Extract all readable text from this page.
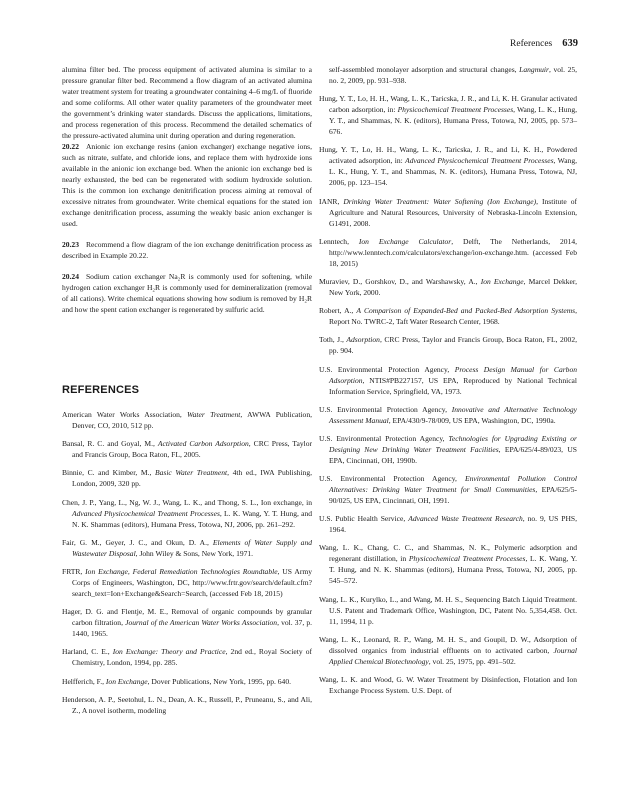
References 639

alumina filter bed. The process equipment of activated alumina is similar to a pressure granular filter bed. Recommend a flow diagram of an activated alumina water treatment system for treating a groundwater containing 4–6 mg/L of fluoride and some coliforms. All other water quality parameters of the groundwater meet the government’s drinking water standards. Discuss the applications, limitations, and process regeneration of this process. Recommend the detailed schematics of the pressure-activated alumina unit during operation and during regeneration.

20.22 Anionic ion exchange resins (anion exchanger) exchange negative ions, such as nitrate, sulfate, and chloride ions, and replace them with hydroxide ions available in the anionic ion exchange bed. When the anionic ion exchange bed is nearly exhausted, the bed can be regenerated with sodium hydroxide solution. This is the common ion exchange denitrification process aiming at removal of excessive nitrates from groundwater. Write chemical equations for the stated ion exchange denitrification process, assuming the weakly basic anion exchanger is used.

20.23 Recommend a flow diagram of the ion exchange denitrification process as described in Example 20.22.

20.24 Sodium cation exchanger Na₂R is commonly used for softening, while hydrogen cation exchanger H₂R is commonly used for demineralization (removal of all cations). Write chemical equations showing how sodium is removed by H₂R and how the spent cation exchanger is regenerated by sulfuric acid.

REFERENCES
American Water Works Association, Water Treatment, AWWA Publication, Denver, CO, 2010, 512 pp.
Bansal, R. C. and Goyal, M., Activated Carbon Adsorption, CRC Press, Taylor and Francis Group, Boca Raton, FL, 2005.
Binnie, C. and Kimber, M., Basic Water Treatment, 4th ed., IWA Publishing, London, 2009, 320 pp.
Chen, J. P., Yang, L., Ng, W. J., Wang, L. K., and Thong, S. L., Ion exchange, in Advanced Physicochemical Treatment Processes, L. K. Wang, Y. T. Hung, and N. K. Shammas (editors), Humana Press, Totowa, NJ, 2006, pp. 261–292.
Fair, G. M., Geyer, J. C., and Okun, D. A., Elements of Water Supply and Wastewater Disposal, John Wiley & Sons, New York, 1971.
FRTR, Ion Exchange, Federal Remediation Technologies Roundtable, US Army Corps of Engineers, Washington, DC, http://www.frtr.gov/search/default.cfm?search_text=Ion+Exchange&Search=Search, (accessed Feb 18, 2015)
Hager, D. G. and Flentje, M. E., Removal of organic compounds by granular carbon filtration, Journal of the American Water Works Association, vol. 37, p. 1440, 1965.
Harland, C. E., Ion Exchange: Theory and Practice, 2nd ed., Royal Society of Chemistry, London, 1994, pp. 285.
Helfferich, F., Ion Exchange, Dover Publications, New York, 1995, pp. 640.
Henderson, A. P., Seetohul, L. N., Dean, A. K., Russell, P., Pruneanu, S., and Ali, Z., A novel isotherm, modeling
self-assembled monolayer adsorption and structural changes, Langmuir, vol. 25, no. 2, 2009, pp. 931–938.
Hung, Y. T., Lo, H. H., Wang, L. K., Taricska, J. R., and Li, K. H. Granular activated carbon adsorption, in: Physicochemical Treatment Processes, Wang, L. K., Hung, Y. T., and Shammas, N. K. (editors), Humana Press, Totowa, NJ, 2005, pp. 573–676.
Hung, Y. T., Lo, H. H., Wang, L. K., Taricska, J. R., and Li, K. H., Powdered activated adsorption, in: Advanced Physicochemical Treatment Processes, Wang, L. K., Hung, Y. T., and Shammas, N. K. (editors), Humana Press, Totowa, NJ, 2006, pp. 123–154.
IANR, Drinking Water Treatment: Water Softening (Ion Exchange), Institute of Agriculture and Natural Resources, University of Nebraska-Lincoln Extension, G1491, 2008.
Lenntech, Ion Exchange Calculator, Delft, The Netherlands, 2014, http://www.lenntech.com/calculators/exchange/ion-exchange.htm. (accessed Feb 18, 2015)
Muraviev, D., Gorshkov, D., and Warshawsky, A., Ion Exchange, Marcel Dekker, New York, 2000.
Robert, A., A Comparison of Expanded-Bed and Packed-Bed Adsorption Systems, Report No. TWRC-2, Taft Water Research Center, 1968.
Toth, J., Adsorption, CRC Press, Taylor and Francis Group, Boca Raton, FL, 2002, pp. 904.
U.S. Environmental Protection Agency, Process Design Manual for Carbon Adsorption, NTIS#PB227157, US EPA, Reproduced by National Technical Information Service, Springfield, VA, 1973.
U.S. Environmental Protection Agency, Innovative and Alternative Technology Assessment Manual, EPA/430/9-78/009, US EPA, Washington, DC, 1990a.
U.S. Environmental Protection Agency, Technologies for Upgrading Existing or Designing New Drinking Water Treatment Facilities, EPA/625/4-89/023, US EPA, Cincinnati, OH, 1990b.
U.S. Environmental Protection Agency, Environmental Pollution Control Alternatives: Drinking Water Treatment for Small Communities, EPA/625/5-90/025, US EPA, Cincinnati, OH, 1991.
U.S. Public Health Service, Advanced Waste Treatment Research, no. 9, US PHS, 1964.
Wang, L. K., Chang, C. C., and Shammas, N. K., Polymeric adsorption and regenerant distillation, in Physicochemical Treatment Processes, L. K. Wang, Y. T. Hung, and N. K. Shammas (editors), Humana Press, Totowa, NJ, 2005, pp. 545–572.
Wang, L. K., Kurylko, L., and Wang, M. H. S., Sequencing Batch Liquid Treatment. U.S. Patent and Trademark Office, Washington, DC, Patent No. 5,354,458. Oct. 11, 1994, 11 p.
Wang, L. K., Leonard, R. P., Wang, M. H. S., and Goupil, D. W., Adsorption of dissolved organics from industrial effluents on to activated carbon, Journal Applied Chemical Biotechnology, vol. 25, 1975, pp. 491–502.
Wang, L. K. and Wood, G. W. Water Treatment by Disinfection, Flotation and Ion Exchange Process System. U.S. Dept. of
